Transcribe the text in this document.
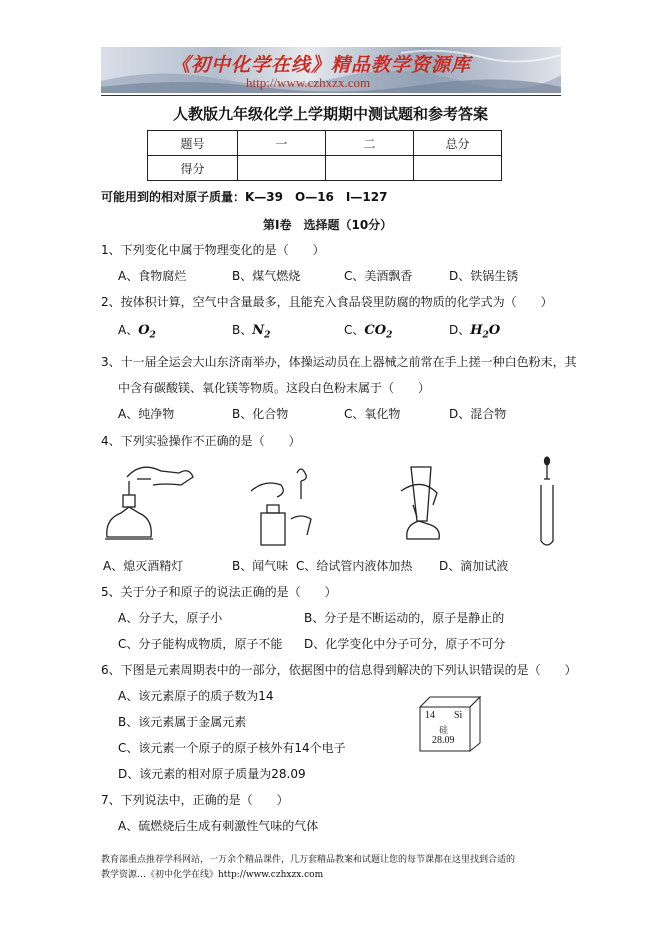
《初中化学在线》精品教学资源库
http://www.czhxzx.com
人教版九年级化学上学期期中测试题和参考答案
题号	一	二	总分
得分			
可能用到的相对原子质量：K—39　O—16　I—127
第Ⅰ卷　选择题（10分）
1、下列变化中属于物理变化的是（　　）
A、食物腐烂	B、煤气燃烧	C、美酒飘香	D、铁锅生锈
2、按体积计算，空气中含量最多，且能充入食品袋里防腐的物质的化学式为（　　）
A、$O_2$	B、$N_2$	C、$CO_2$	D、$H_2O$
3、十一届全运会大山东济南举办，体操运动员在上器械之前常在手上搓一种白色粉末，其
中含有碳酸镁、氧化镁等物质。这段白色粉末属于（　　）
A、纯净物	B、化合物	C、氧化物	D、混合物
4、下列实验操作不正确的是（　　）
A、熄灭酒精灯	B、闻气味 C、给试管内液体加热 D、滴加试液
5、关于分子和原子的说法正确的是（　　）
A、分子大，原子小	B、分子是不断运动的，原子是静止的
C、分子能构成物质，原子不能 D、化学变化中分子可分，原子不可分
6、下图是元素周期表中的一部分，依据图中的信息得到解决的下列认识错误的是（　　）
A、该元素原子的质子数为14
B、该元素属于金属元素
C、该元素一个原子的原子核外有14个电子
D、该元素的相对原子质量为28.09
14 Si
硅
28.09
7、下列说法中，正确的是（　　）
A、硫燃烧后生成有刺激性气味的气体
教育部重点推荐学科网站，一万余个精品课件，几万套精品教案和试题让您的每节课都在这里找到合适的
教学资源…《初中化学在线》http://www.czhxzx.com
